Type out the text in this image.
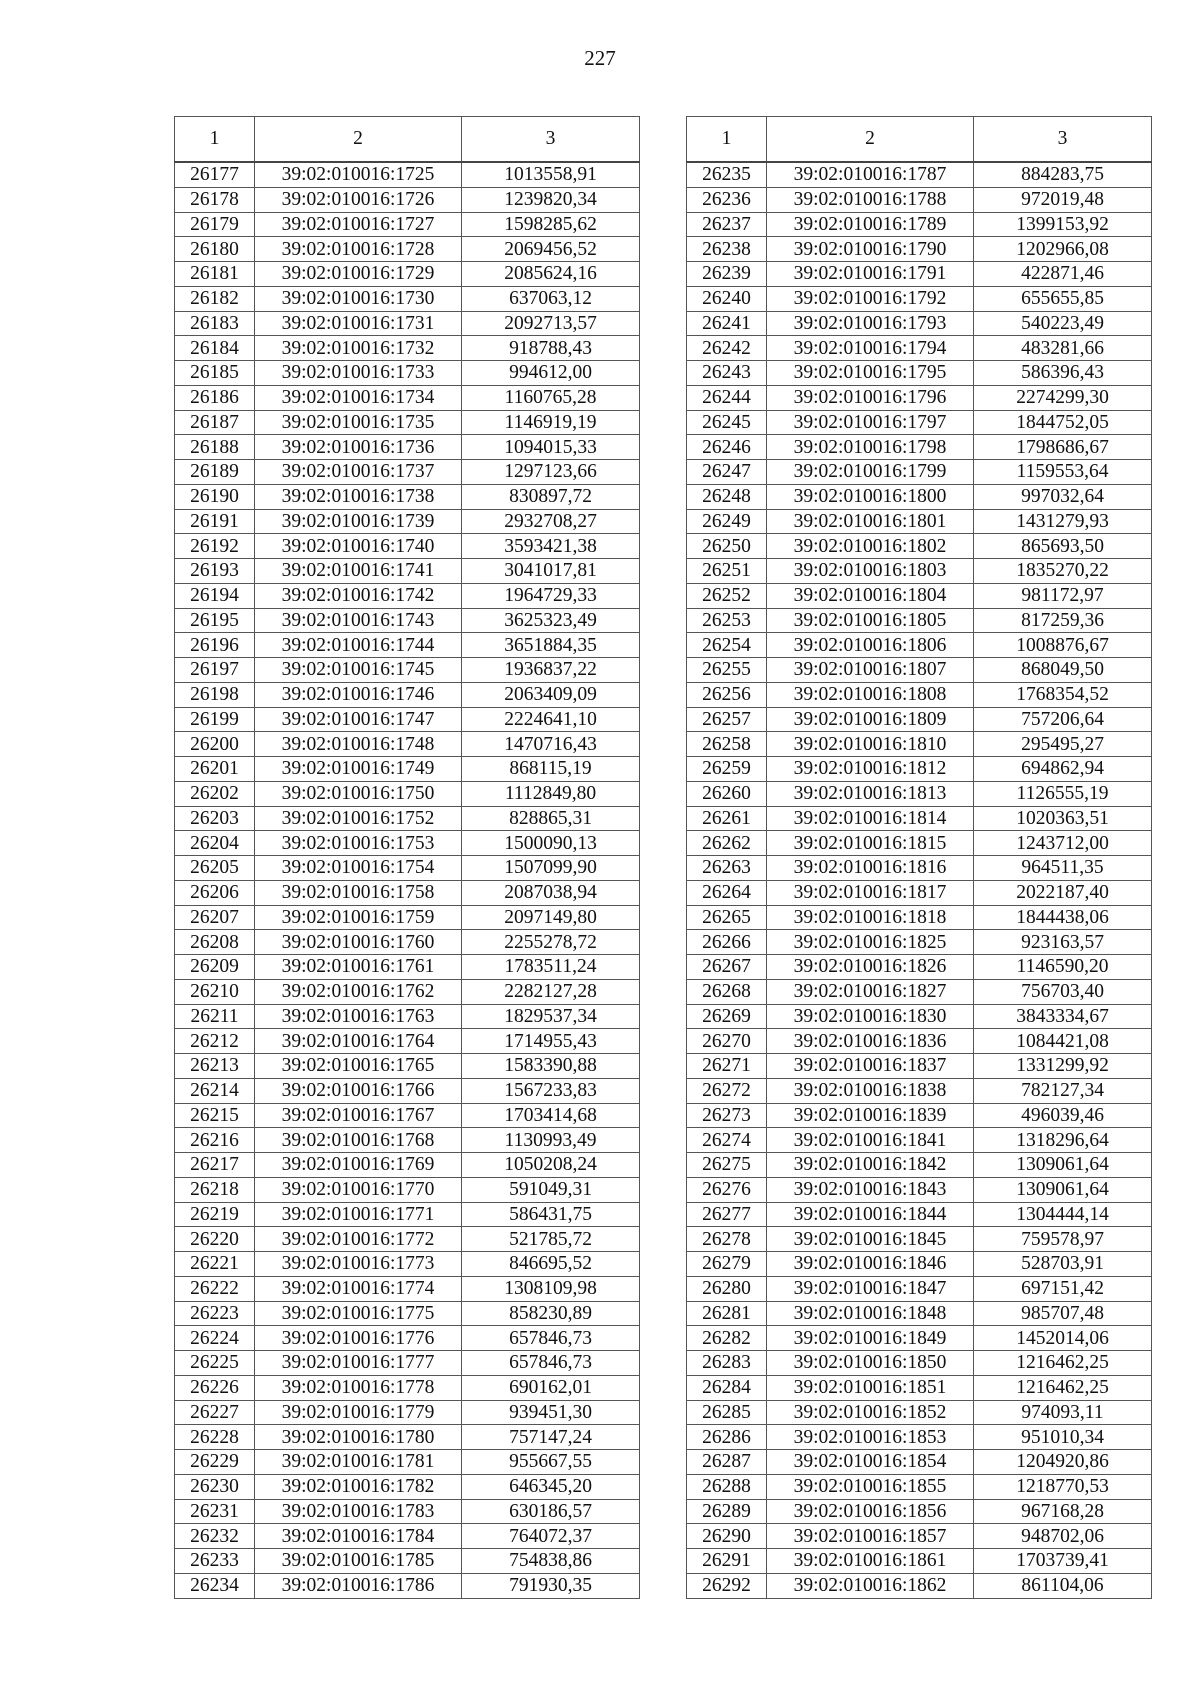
227
1	2	3
26177	39:02:010016:1725	1013558,91
26178	39:02:010016:1726	1239820,34
26179	39:02:010016:1727	1598285,62
26180	39:02:010016:1728	2069456,52
26181	39:02:010016:1729	2085624,16
26182	39:02:010016:1730	637063,12
26183	39:02:010016:1731	2092713,57
26184	39:02:010016:1732	918788,43
26185	39:02:010016:1733	994612,00
26186	39:02:010016:1734	1160765,28
26187	39:02:010016:1735	1146919,19
26188	39:02:010016:1736	1094015,33
26189	39:02:010016:1737	1297123,66
26190	39:02:010016:1738	830897,72
26191	39:02:010016:1739	2932708,27
26192	39:02:010016:1740	3593421,38
26193	39:02:010016:1741	3041017,81
26194	39:02:010016:1742	1964729,33
26195	39:02:010016:1743	3625323,49
26196	39:02:010016:1744	3651884,35
26197	39:02:010016:1745	1936837,22
26198	39:02:010016:1746	2063409,09
26199	39:02:010016:1747	2224641,10
26200	39:02:010016:1748	1470716,43
26201	39:02:010016:1749	868115,19
26202	39:02:010016:1750	1112849,80
26203	39:02:010016:1752	828865,31
26204	39:02:010016:1753	1500090,13
26205	39:02:010016:1754	1507099,90
26206	39:02:010016:1758	2087038,94
26207	39:02:010016:1759	2097149,80
26208	39:02:010016:1760	2255278,72
26209	39:02:010016:1761	1783511,24
26210	39:02:010016:1762	2282127,28
26211	39:02:010016:1763	1829537,34
26212	39:02:010016:1764	1714955,43
26213	39:02:010016:1765	1583390,88
26214	39:02:010016:1766	1567233,83
26215	39:02:010016:1767	1703414,68
26216	39:02:010016:1768	1130993,49
26217	39:02:010016:1769	1050208,24
26218	39:02:010016:1770	591049,31
26219	39:02:010016:1771	586431,75
26220	39:02:010016:1772	521785,72
26221	39:02:010016:1773	846695,52
26222	39:02:010016:1774	1308109,98
26223	39:02:010016:1775	858230,89
26224	39:02:010016:1776	657846,73
26225	39:02:010016:1777	657846,73
26226	39:02:010016:1778	690162,01
26227	39:02:010016:1779	939451,30
26228	39:02:010016:1780	757147,24
26229	39:02:010016:1781	955667,55
26230	39:02:010016:1782	646345,20
26231	39:02:010016:1783	630186,57
26232	39:02:010016:1784	764072,37
26233	39:02:010016:1785	754838,86
26234	39:02:010016:1786	791930,35
1	2	3
26235	39:02:010016:1787	884283,75
26236	39:02:010016:1788	972019,48
26237	39:02:010016:1789	1399153,92
26238	39:02:010016:1790	1202966,08
26239	39:02:010016:1791	422871,46
26240	39:02:010016:1792	655655,85
26241	39:02:010016:1793	540223,49
26242	39:02:010016:1794	483281,66
26243	39:02:010016:1795	586396,43
26244	39:02:010016:1796	2274299,30
26245	39:02:010016:1797	1844752,05
26246	39:02:010016:1798	1798686,67
26247	39:02:010016:1799	1159553,64
26248	39:02:010016:1800	997032,64
26249	39:02:010016:1801	1431279,93
26250	39:02:010016:1802	865693,50
26251	39:02:010016:1803	1835270,22
26252	39:02:010016:1804	981172,97
26253	39:02:010016:1805	817259,36
26254	39:02:010016:1806	1008876,67
26255	39:02:010016:1807	868049,50
26256	39:02:010016:1808	1768354,52
26257	39:02:010016:1809	757206,64
26258	39:02:010016:1810	295495,27
26259	39:02:010016:1812	694862,94
26260	39:02:010016:1813	1126555,19
26261	39:02:010016:1814	1020363,51
26262	39:02:010016:1815	1243712,00
26263	39:02:010016:1816	964511,35
26264	39:02:010016:1817	2022187,40
26265	39:02:010016:1818	1844438,06
26266	39:02:010016:1825	923163,57
26267	39:02:010016:1826	1146590,20
26268	39:02:010016:1827	756703,40
26269	39:02:010016:1830	3843334,67
26270	39:02:010016:1836	1084421,08
26271	39:02:010016:1837	1331299,92
26272	39:02:010016:1838	782127,34
26273	39:02:010016:1839	496039,46
26274	39:02:010016:1841	1318296,64
26275	39:02:010016:1842	1309061,64
26276	39:02:010016:1843	1309061,64
26277	39:02:010016:1844	1304444,14
26278	39:02:010016:1845	759578,97
26279	39:02:010016:1846	528703,91
26280	39:02:010016:1847	697151,42
26281	39:02:010016:1848	985707,48
26282	39:02:010016:1849	1452014,06
26283	39:02:010016:1850	1216462,25
26284	39:02:010016:1851	1216462,25
26285	39:02:010016:1852	974093,11
26286	39:02:010016:1853	951010,34
26287	39:02:010016:1854	1204920,86
26288	39:02:010016:1855	1218770,53
26289	39:02:010016:1856	967168,28
26290	39:02:010016:1857	948702,06
26291	39:02:010016:1861	1703739,41
26292	39:02:010016:1862	861104,06
